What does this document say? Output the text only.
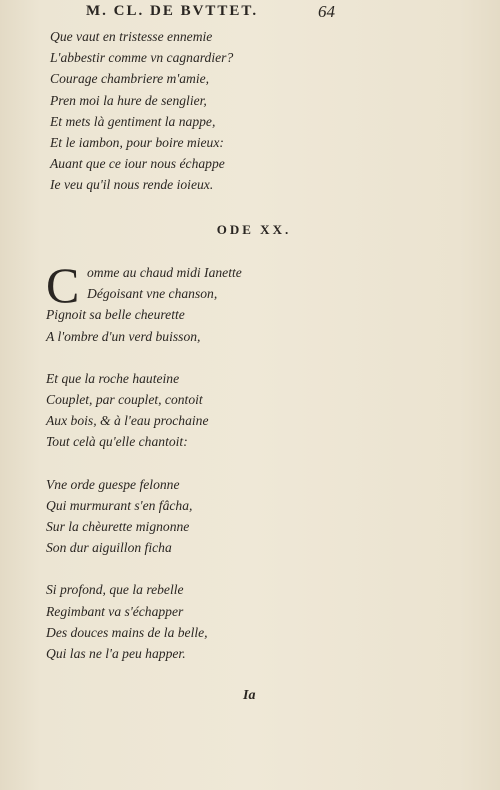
M. CL. DE BVTTET.	64
Que vaut en tristesse ennemie
L'abbestir comme vn cagnardier?
Courage chambriere m'amie,
Pren moi la hure de senglier,
Et mets là gentiment la nappe,
Et le iambon, pour boire mieux:
Auant que ce iour nous échappe
Ie veu qu'il nous rende ioieux.
ODE XX.
C omme au chaud midi Ianette
Dégoisant vne chanson,
Pignoit sa belle cheurette
A l'ombre d'un verd buisson,
Et que la roche hauteine
Couplet, par couplet, contoit
Aux bois, & à l'eau prochaine
Tout celà qu'elle chantoit:
Vne orde guespe felonne
Qui murmurant s'en fâcha,
Sur la chèurette mignonne
Son dur aiguillon ficha
Si profond, que la rebelle
Regimbant va s'échapper
Des douces mains de la belle,
Qui las ne l'a peu happer.
Ia
